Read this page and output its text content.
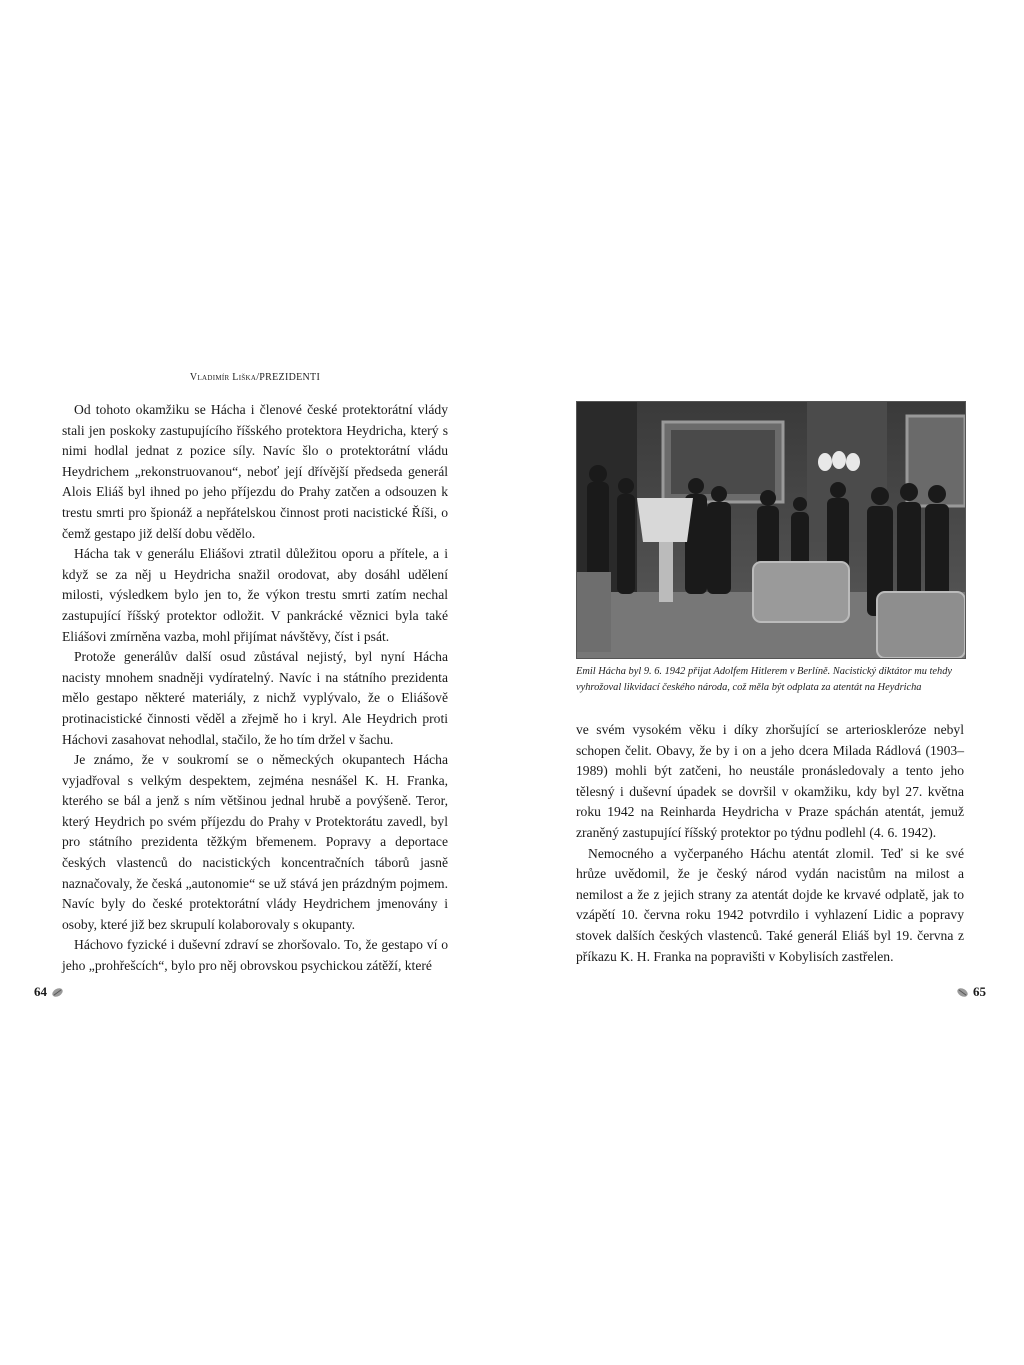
Vladimír Liška/PREZIDENTI

Od tohoto okamžiku se Hácha i členové české protektorátní vlády stali jen poskoky zastupujícího říšského protektora Heydricha, který s nimi hodlal jednat z pozice síly. Navíc šlo o protektorátní vládu Heydrichem „rekonstruovanou“, neboť její dřívější předseda generál Alois Eliáš byl ihned po jeho příjezdu do Prahy zatčen a odsouzen k trestu smrti pro špionáž a nepřátelskou činnost proti nacistické Říši, o čemž gestapo již delší dobu vědělo.

Hácha tak v generálu Eliášovi ztratil důležitou oporu a přítele, a i když se za něj u Heydricha snažil orodovat, aby dosáhl udělení milosti, výsledkem bylo jen to, že výkon trestu smrti zatím nechal zastupující říšský protektor odložit. V pankrácké věznici byla také Eliášovi zmírněna vazba, mohl přijímat návštěvy, číst i psát.

Protože generálův další osud zůstával nejistý, byl nyní Hácha nacisty mnohem snadněji vydíratelný. Navíc i na státního prezidenta mělo gestapo některé materiály, z nichž vyplývalo, že o Eliášově protinacistické činnosti věděl a zřejmě ho i kryl. Ale Heydrich proti Háchovi zasahovat nehodlal, stačilo, že ho tím držel v šachu.

Je známo, že v soukromí se o německých okupantech Hácha vyjadřoval s velkým despektem, zejména nesnášel K. H. Franka, kterého se bál a jenž s ním většinou jednal hrubě a povýšeně. Teror, který Heydrich po svém příjezdu do Prahy v Protektorátu zavedl, byl pro státního prezidenta těžkým břemenem. Popravy a deportace českých vlastenců do nacistických koncentračních táborů jasně naznačovaly, že česká „autonomie“ se už stává jen prázdným pojmem. Navíc byly do české protektorátní vlády Heydrichem jmenovány i osoby, které již bez skrupulí kolaborovaly s okupanty.

Háchovo fyzické i duševní zdraví se zhoršovalo. To, že gestapo ví o jeho „prohřešcích“, bylo pro něj obrovskou psychickou zátěží, které

Emil Hácha byl 9. 6. 1942 přijat Adolfem Hitlerem v Berlíně. Nacistický diktátor mu tehdy vyhrožoval likvidací českého národa, což měla být odplata za atentát na Heydricha

ve svém vysokém věku i díky zhoršující se arterioskleróze nebyl schopen čelit. Obavy, že by i on a jeho dcera Milada Rádlová (1903–1989) mohli být zatčeni, ho neustále pronásledovaly a tento jeho tělesný i duševní úpadek se dovršil v okamžiku, kdy byl 27. května roku 1942 na Reinharda Heydricha v Praze spáchán atentát, jemuž zraněný zastupující říšský protektor po týdnu podlehl (4. 6. 1942).

Nemocného a vyčerpaného Háchu atentát zlomil. Teď si ke své hrůze uvědomil, že je český národ vydán nacistům na milost a nemilost a že z jejich strany za atentát dojde ke krvavé odplatě, jak to vzápětí 10. června roku 1942 potvrdilo i vyhlazení Lidic a popravy stovek dalších českých vlastenců. Také generál Eliáš byl 19. června z příkazu K. H. Franka na popravišti v Kobylisích zastřelen.

64	65
